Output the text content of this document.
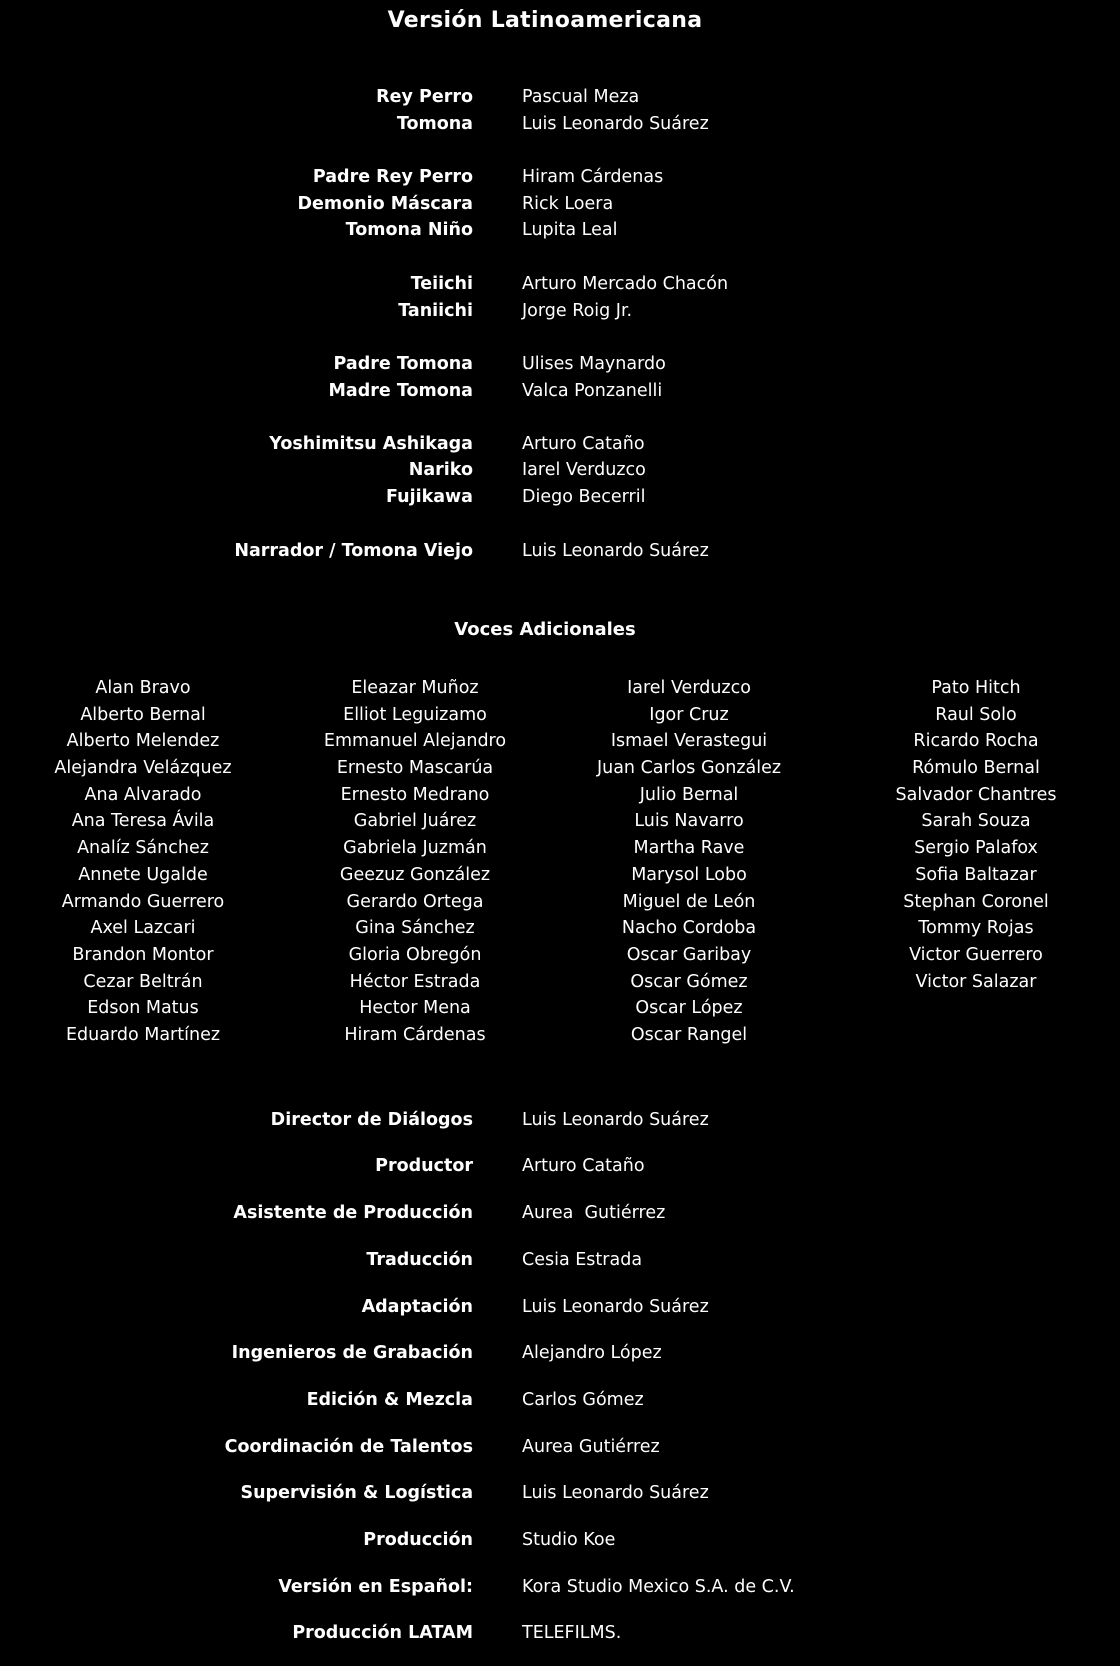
Versión Latinoamericana
Rey Perro	Pascual Meza
Tomona	Luis Leonardo Suárez
Padre Rey Perro	Hiram Cárdenas
Demonio Máscara	Rick Loera
Tomona Niño	Lupita Leal
Teiichi	Arturo Mercado Chacón
Taniichi	Jorge Roig Jr.
Padre Tomona	Ulises Maynardo
Madre Tomona	Valca Ponzanelli
Yoshimitsu Ashikaga	Arturo Cataño
Nariko	Iarel Verduzco
Fujikawa	Diego Becerril
Narrador / Tomona Viejo	Luis Leonardo Suárez
Voces Adicionales
Alan Bravo
Alberto Bernal
Alberto Melendez
Alejandra Velázquez
Ana Alvarado
Ana Teresa Ávila
Analíz Sánchez
Annete Ugalde
Armando Guerrero
Axel Lazcari
Brandon Montor
Cezar Beltrán
Edson Matus
Eduardo Martínez
Eleazar Muñoz
Elliot Leguizamo
Emmanuel Alejandro
Ernesto Mascarúa
Ernesto Medrano
Gabriel Juárez
Gabriela Juzmán
Geezuz González
Gerardo Ortega
Gina Sánchez
Gloria Obregón
Héctor Estrada
Hector Mena
Hiram Cárdenas
Iarel Verduzco
Igor Cruz
Ismael Verastegui
Juan Carlos González
Julio Bernal
Luis Navarro
Martha Rave
Marysol Lobo
Miguel de León
Nacho Cordoba
Oscar Garibay
Oscar Gómez
Oscar López
Oscar Rangel
Pato Hitch
Raul Solo
Ricardo Rocha
Rómulo Bernal
Salvador Chantres
Sarah Souza
Sergio Palafox
Sofia Baltazar
Stephan Coronel
Tommy Rojas
Victor Guerrero
Victor Salazar
Director de Diálogos	Luis Leonardo Suárez
Productor	Arturo Cataño
Asistente de Producción	Aurea  Gutiérrez
Traducción	Cesia Estrada
Adaptación	Luis Leonardo Suárez
Ingenieros de Grabación	Alejandro López
Edición & Mezcla	Carlos Gómez
Coordinación de Talentos	Aurea Gutiérrez
Supervisión & Logística	Luis Leonardo Suárez
Producción	Studio Koe
Versión en Español:	Kora Studio Mexico S.A. de C.V.
Producción LATAM	TELEFILMS.
